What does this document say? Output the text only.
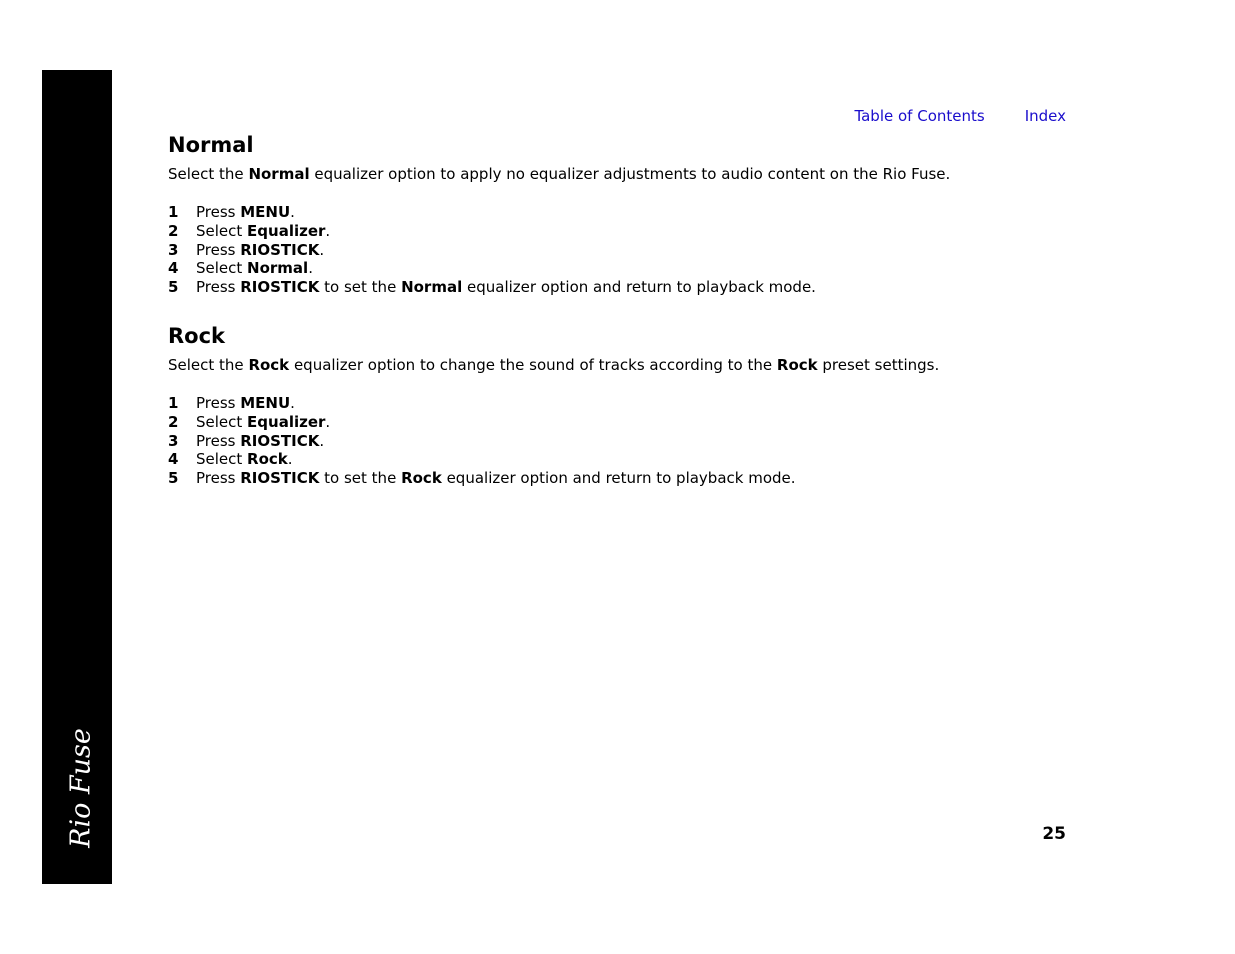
Rio Fuse
Table of Contents	Index
Normal

Select the Normal equalizer option to apply no equalizer adjustments to audio content on the Rio Fuse.

1 Press MENU.
2 Select Equalizer.
3 Press RIOSTICK.
4 Select Normal.
5 Press RIOSTICK to set the Normal equalizer option and return to playback mode.
Rock

Select the Rock equalizer option to change the sound of tracks according to the Rock preset settings.

1 Press MENU.
2 Select Equalizer.
3 Press RIOSTICK.
4 Select Rock.
5 Press RIOSTICK to set the Rock equalizer option and return to playback mode.
25
